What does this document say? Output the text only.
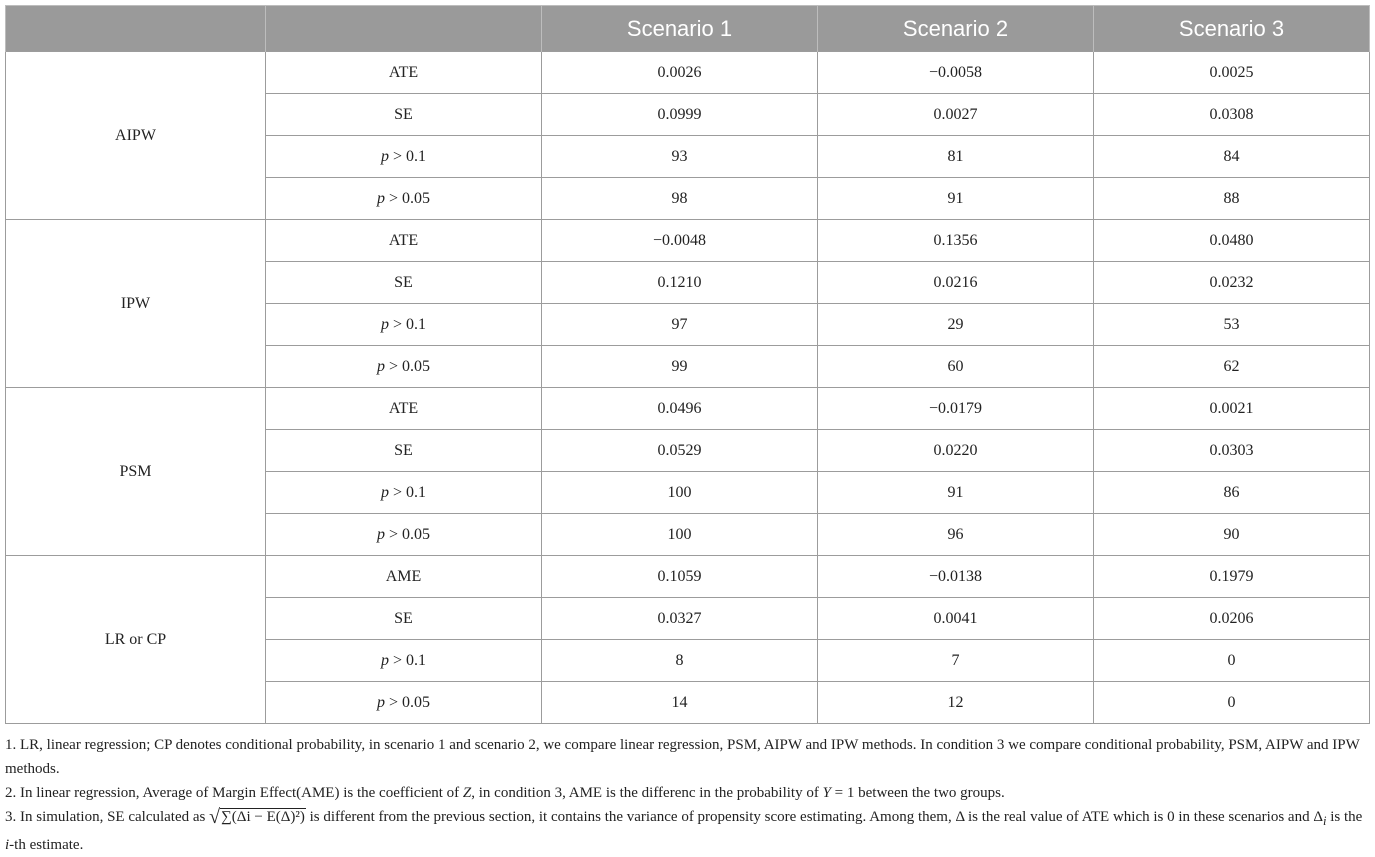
		Scenario 1	Scenario 2	Scenario 3
AIPW	ATE	0.0026	−0.0058	0.0025
	SE	0.0999	0.0027	0.0308
	p > 0.1	93	81	84
	p > 0.05	98	91	88
IPW	ATE	−0.0048	0.1356	0.0480
	SE	0.1210	0.0216	0.0232
	p > 0.1	97	29	53
	p > 0.05	99	60	62
PSM	ATE	0.0496	−0.0179	0.0021
	SE	0.0529	0.0220	0.0303
	p > 0.1	100	91	86
	p > 0.05	100	96	90
LR or CP	AME	0.1059	−0.0138	0.1979
	SE	0.0327	0.0041	0.0206
	p > 0.1	8	7	0
	p > 0.05	14	12	0

1. LR, linear regression; CP denotes conditional probability, in scenario 1 and scenario 2, we compare linear regression, PSM, AIPW and IPW methods. In condition 3 we compare conditional probability, PSM, AIPW and IPW methods.

2. In linear regression, Average of Margin Effect(AME) is the coefficient of Z, in condition 3, AME is the differenc in the probability of Y = 1 between the two groups.

3. In simulation, SE calculated as √∑(Δi − E(Δ)²) is different from the previous section, it contains the variance of propensity score estimating. Among them, Δ is the real value of ATE which is 0 in these scenarios and $\Delta_i$ is the i-th estimate.
